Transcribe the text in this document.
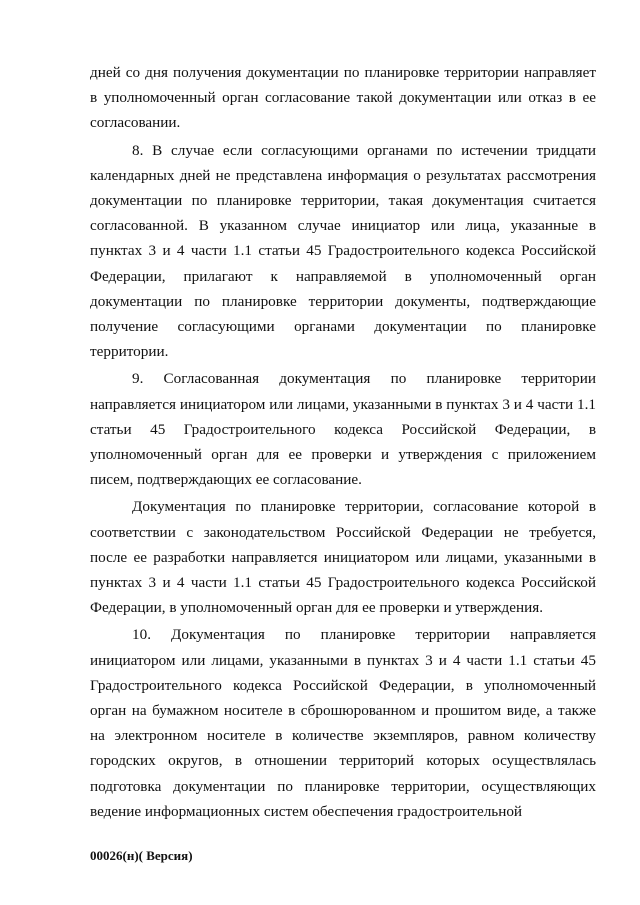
дней со дня получения документации по планировке территории направляет в уполномоченный орган согласование такой документации или отказ в ее согласовании.

8. В случае если согласующими органами по истечении тридцати календарных дней не представлена информация о результатах рассмотрения документации по планировке территории, такая документация считается согласованной. В указанном случае инициатор или лица, указанные в пунктах 3 и 4 части 1.1 статьи 45 Градостроительного кодекса Российской Федерации, прилагают к направляемой в уполномоченный орган документации по планировке территории документы, подтверждающие получение согласующими органами документации по планировке территории.

9. Согласованная документация по планировке территории направляется инициатором или лицами, указанными в пунктах 3 и 4 части 1.1 статьи 45 Градостроительного кодекса Российской Федерации, в уполномоченный орган для ее проверки и утверждения с приложением писем, подтверждающих ее согласование.

Документация по планировке территории, согласование которой в соответствии с законодательством Российской Федерации не требуется, после ее разработки направляется инициатором или лицами, указанными в пунктах 3 и 4 части 1.1 статьи 45 Градостроительного кодекса Российской Федерации, в уполномоченный орган для ее проверки и утверждения.

10. Документация по планировке территории направляется инициатором или лицами, указанными в пунктах 3 и 4 части 1.1 статьи 45 Градостроительного кодекса Российской Федерации, в уполномоченный орган на бумажном носителе в сброшюрованном и прошитом виде, а также на электронном носителе в количестве экземпляров, равном количеству городских округов, в отношении территорий которых осуществлялась подготовка документации по планировке территории, осуществляющих ведение информационных систем обеспечения градостроительной

00026(н)( Версия)
